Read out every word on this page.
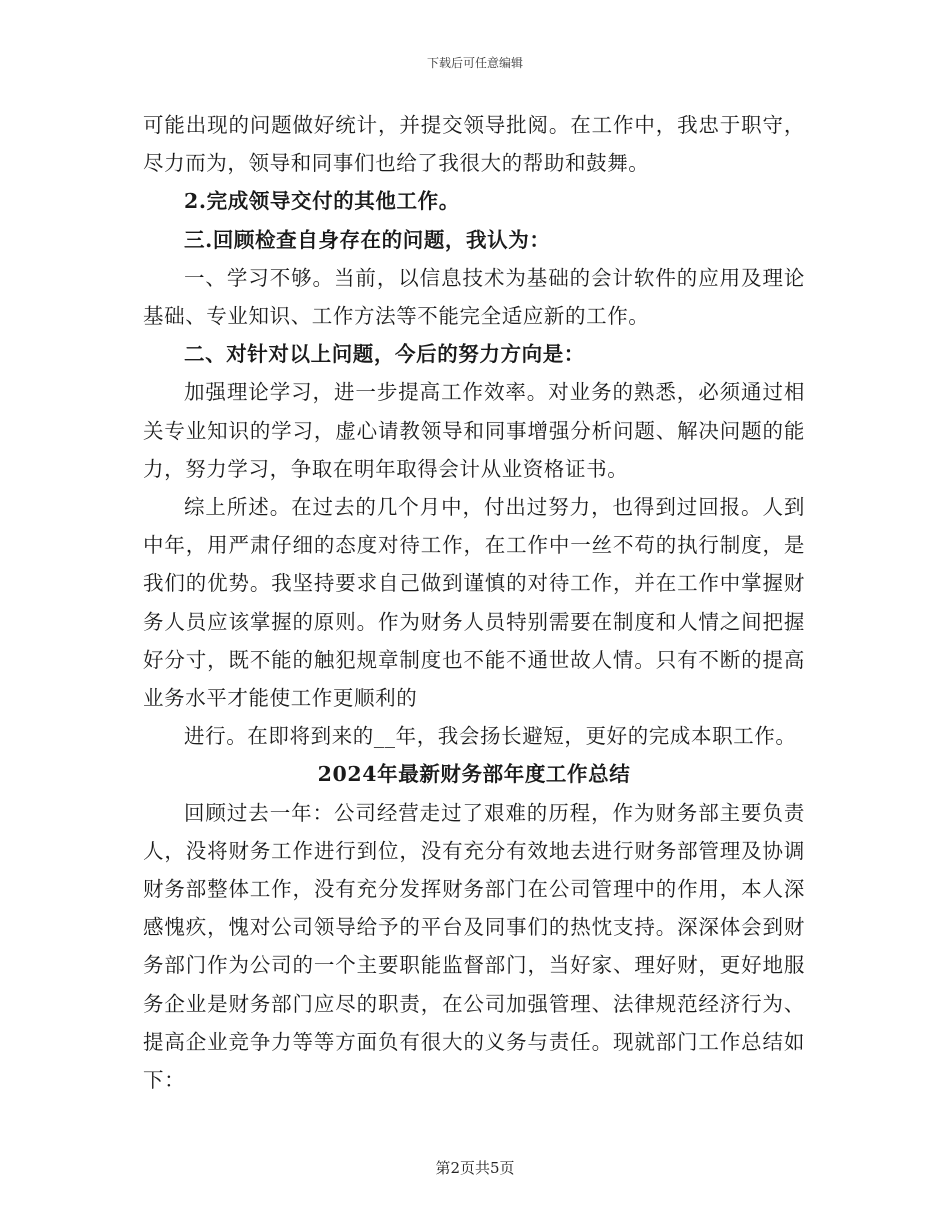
下载后可任意编辑

可能出现的问题做好统计，并提交领导批阅。在工作中，我忠于职守，尽力而为，领导和同事们也给了我很大的帮助和鼓舞。

2.完成领导交付的其他工作。

三.回顾检查自身存在的问题，我认为：

一、学习不够。当前，以信息技术为基础的会计软件的应用及理论基础、专业知识、工作方法等不能完全适应新的工作。

二、对针对以上问题，今后的努力方向是：

加强理论学习，进一步提高工作效率。对业务的熟悉，必须通过相关专业知识的学习，虚心请教领导和同事增强分析问题、解决问题的能力，努力学习，争取在明年取得会计从业资格证书。

综上所述。在过去的几个月中，付出过努力，也得到过回报。人到中年，用严肃仔细的态度对待工作，在工作中一丝不苟的执行制度，是我们的优势。我坚持要求自己做到谨慎的对待工作，并在工作中掌握财务人员应该掌握的原则。作为财务人员特别需要在制度和人情之间把握好分寸，既不能的触犯规章制度也不能不通世故人情。只有不断的提高业务水平才能使工作更顺利的

进行。在即将到来的__年，我会扬长避短，更好的完成本职工作。

2024年最新财务部年度工作总结

回顾过去一年：公司经营走过了艰难的历程，作为财务部主要负责人，没将财务工作进行到位，没有充分有效地去进行财务部管理及协调财务部整体工作，没有充分发挥财务部门在公司管理中的作用，本人深感愧疚，愧对公司领导给予的平台及同事们的热忱支持。深深体会到财务部门作为公司的一个主要职能监督部门，当好家、理好财，更好地服务企业是财务部门应尽的职责，在公司加强管理、法律规范经济行为、提高企业竞争力等等方面负有很大的义务与责任。现就部门工作总结如下：

第2页共5页
